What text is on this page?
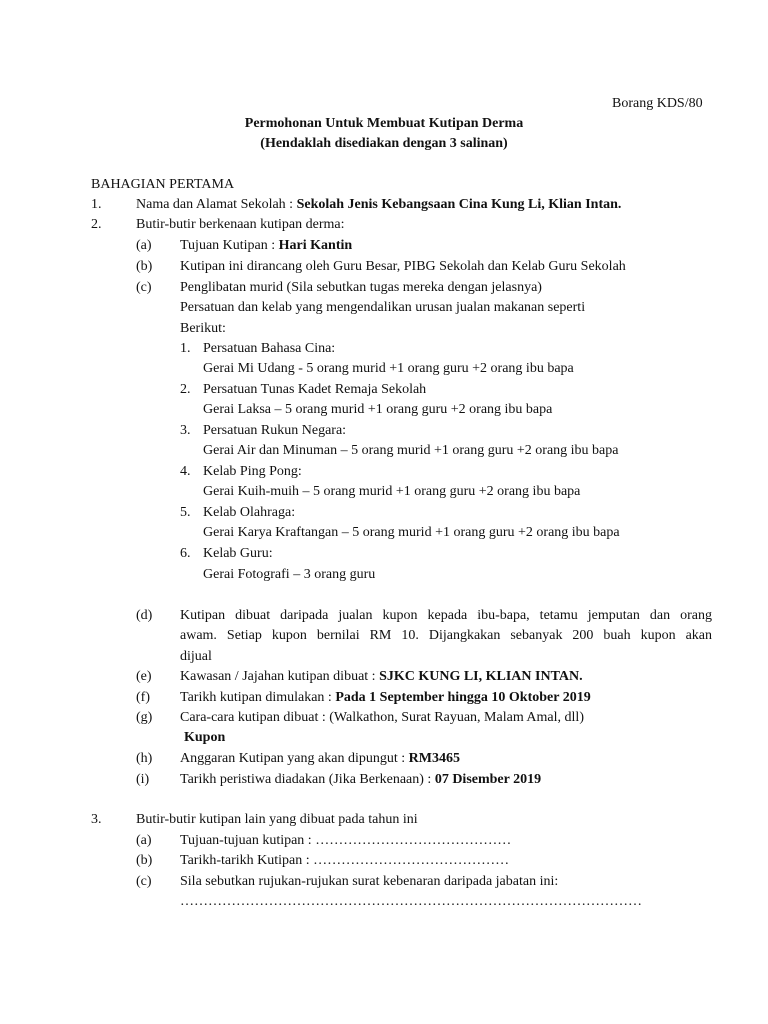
Borang KDS/80
Permohonan Untuk Membuat Kutipan Derma
(Hendaklah disediakan dengan 3 salinan)
BAHAGIAN PERTAMA
1. Nama dan Alamat Sekolah : Sekolah Jenis Kebangsaan Cina Kung Li, Klian Intan.
2. Butir-butir berkenaan kutipan derma:
(a) Tujuan Kutipan : Hari Kantin
(b) Kutipan ini dirancang oleh Guru Besar, PIBG Sekolah dan Kelab Guru Sekolah
(c) Penglibatan murid (Sila sebutkan tugas mereka dengan jelasnya)
Persatuan dan kelab yang mengendalikan urusan jualan makanan seperti
Berikut:
1. Persatuan Bahasa Cina:
Gerai Mi Udang - 5 orang murid +1 orang guru +2 orang ibu bapa
2. Persatuan Tunas Kadet Remaja Sekolah
Gerai Laksa – 5 orang murid +1 orang guru +2 orang ibu bapa
3. Persatuan Rukun Negara:
Gerai Air dan Minuman – 5 orang murid +1 orang guru +2 orang ibu bapa
4. Kelab Ping Pong:
Gerai Kuih-muih – 5 orang murid +1 orang guru +2 orang ibu bapa
5. Kelab Olahraga:
Gerai Karya Kraftangan – 5 orang murid +1 orang guru +2 orang ibu bapa
6. Kelab Guru:
Gerai Fotografi – 3 orang guru
(d) Kutipan dibuat daripada jualan kupon kepada ibu-bapa, tetamu jemputan dan orang
awam. Setiap kupon bernilai RM 10. Dijangkakan sebanyak 200 buah kupon akan
dijual
(e) Kawasan / Jajahan kutipan dibuat : SJKC KUNG LI, KLIAN INTAN.
(f) Tarikh kutipan dimulakan : Pada 1 September hingga 10 Oktober 2019
(g) Cara-cara kutipan dibuat : (Walkathon, Surat Rayuan, Malam Amal, dll)
Kupon
(h) Anggaran Kutipan yang akan dipungut : RM3465
(i) Tarikh peristiwa diadakan (Jika Berkenaan) : 07 Disember 2019
3. Butir-butir kutipan lain yang dibuat pada tahun ini
(a) Tujuan-tujuan kutipan : ……………………………………
(b) Tarikh-tarikh Kutipan : ……………………………………
(c) Sila sebutkan rujukan-rujukan surat kebenaran daripada jabatan ini:
………………………………………………………………………………………
